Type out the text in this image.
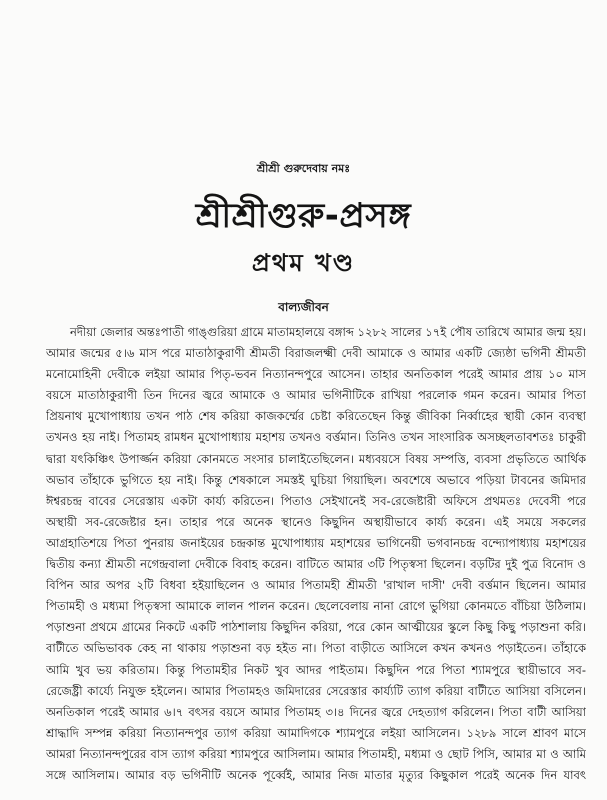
শ্রীশ্রী গুরুদেবায় নমঃ
শ্রীশ্রীগুরু-প্রসঙ্গ
প্রথম খণ্ড
বাল্যজীবন
নদীয়া জেলার অন্তঃপাতী গাঙ্গুরিয়া গ্রামে মাতামহালয়ে বঙ্গাব্দ ১২৮২ সালের ১৭ই পৌষ তারিখে আমার জন্ম হয়।
আমার জন্মের ৫।৬ মাস পরে মাতাঠাকুরাণী শ্রীমতী বিরাজলক্ষ্মী দেবী আমাকে ও আমার একটি জ্যেষ্ঠা ভগিনী শ্রীমতী
মনোমোহিনী দেবীকে লইয়া আমার পিতৃ-ভবন নিত্যানন্দপুরে আসেন। তাহার অনতিকাল পরেই আমার প্রায় ১০ মাস
বয়সে মাতাঠাকুরাণী তিন দিনের জ্বরে আমাকে ও আমার ভগিনীটিকে রাখিয়া পরলোক গমন করেন। আমার পিতা
প্রিয়নাথ মুখোপাধ্যায় তখন পাঠ শেষ করিয়া কাজকর্ম্মের চেষ্টা করিতেছেন কিন্তু জীবিকা নির্ব্বাহের স্থায়ী কোন ব্যবস্থা
তখনও হয় নাই। পিতামহ রামধন মুখোপাধ্যায় মহাশয় তখনও বর্ত্তমান। তিনিও তখন সাংসারিক অসচ্ছলতাবশতঃ চাকুরী
দ্বারা যৎকিঞ্চিৎ উপার্জ্জন করিয়া কোনমতে সংসার চালাইতেছিলেন। মধ্যবয়সে বিষয় সম্পত্তি, ব্যবসা প্রভৃতিতে আর্থিক
অভাব তাঁহাকে ভুগিতে হয় নাই। কিন্তু শেষকালে সমস্তই ঘুচিয়া গিয়াছিল। অবশেষে অভাবে পড়িয়া টাবনের জমিদার
ঈশ্বরচন্দ্র বাবের সেরেস্তায় একটা কার্য্য করিতেন। পিতাও সেইখানেই সব-রেজেষ্টারী অফিসে প্রথমতঃ দেবেসী পরে
অস্থায়ী সব-রেজেষ্টার হন। তাহার পরে অনেক স্থানেও কিছুদিন অস্থায়ীভাবে কার্য্য করেন। এই সময়ে সকলের
আগ্রহাতিশয়ে পিতা পুনরায় জনাইয়ের চন্দ্রকান্ত মুখোপাধ্যায় মহাশয়ের ভাগিনেয়ী ভগবানচন্দ্র বন্দ্যোপাধ্যায় মহাশয়ের
দ্বিতীয় কন্যা শ্রীমতী নগেন্দ্রবালা দেবীকে বিবাহ করেন। বাটিতে আমার ৩টি পিতৃস্বসা ছিলেন। বড়টির দুই পুত্র বিনোদ ও
বিপিন আর অপর ২টি বিধবা হইয়াছিলেন ও আমার পিতামহী শ্রীমতী 'রাখাল দাসী' দেবী বর্ত্তমান ছিলেন। আমার
পিতামহী ও মধ্যমা পিতৃস্বসা আমাকে লালন পালন করেন। ছেলেবেলায় নানা রোগে ভুগিয়া কোনমতে বাঁচিয়া উঠিলাম।
পড়াশুনা প্রথমে গ্রামের নিকটে একটি পাঠশালায় কিছুদিন করিয়া, পরে কোন আত্মীয়ের স্কুলে কিছু কিছু পড়াশুনা করি।
বাটীতে অভিভাবক কেহ না থাকায় পড়াশুনা বড় হইত না। পিতা বাড়ীতে আসিলে কখন কখনও পড়াইতেন। তাঁহাকে
আমি খুব ভয় করিতাম। কিন্তু পিতামহীর নিকট খুব আদর পাইতাম। কিছুদিন পরে পিতা শ্যামপুরে স্থায়ীভাবে সব-
রেজেষ্ট্রী কার্য্যে নিযুক্ত হইলেন। আমার পিতামহও জমিদারের সেরেস্তার কার্য্যটি ত্যাগ করিয়া বাটীতে আসিয়া বসিলেন।
অনতিকাল পরেই আমার ৬।৭ বৎসর বয়সে আমার পিতামহ ৩।৪ দিনের জ্বরে দেহত্যাগ করিলেন। পিতা বাটী আসিয়া
শ্রাদ্ধাদি সম্পন্ন করিয়া নিত্যানন্দপুর ত্যাগ করিয়া আমাদিগকে শ্যামপুরে লইয়া আসিলেন। ১২৮৯ সালে শ্রাবণ মাসে
আমরা নিত্যানন্দপুরের বাস ত্যাগ করিয়া শ্যামপুরে আসিলাম। আমার পিতামহী, মধ্যমা ও ছোট পিসি, আমার মা ও আমি
সঙ্গে আসিলাম। আমার বড় ভগিনীটি অনেক পূর্ব্বেই, আমার নিজ মাতার মৃত্যুর কিছুকাল পরেই অনেক দিন যাবৎ
